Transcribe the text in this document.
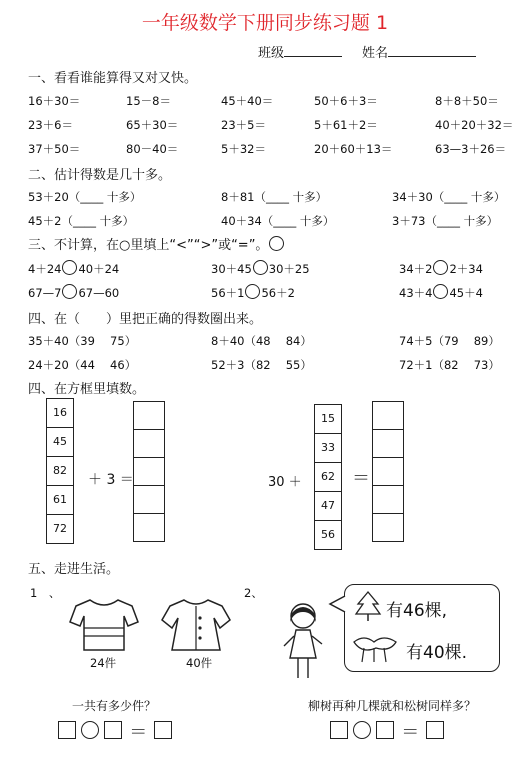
一年级数学下册同步练习题 1
班级	姓名
一、看看谁能算得又对又快。
二、估计得数是几十多。
三、不计算，在○里填上“<”“>”或“=”。
四、在（　　）里把正确的得数圈出来。
四、在方框里填数。
16
45
82
61
72
＋ 3 ＝	30 ＋
15
33
62
47
56
＝
五、走进生活。
1　、	2、
24件	40件
有46棵,
有40棵.
一共有多少件？	柳树再种几棵就和松树同样多？
＝	＝
16＋30＝	15－8＝	45＋40＝	50＋6＋3＝	8＋8＋50＝
23＋6＝	65＋30＝	23＋5＝	5＋61＋2＝	40＋20＋32＝
37＋50＝	80－40＝	5＋32＝	20＋60＋13＝	63—3＋26＝
53＋20（____ 十多）	8＋81（____ 十多）	34＋30（____ 十多）
45＋2（____ 十多）	40＋34（____ 十多）	3＋73（____ 十多）
4＋24 40＋24	30＋45 30＋25	34＋2 2＋34
67—7 67—60	56＋1 56＋2	43＋4 45＋4
35＋40（39　 75）	8＋40（48　 84）	74＋5（79　 89）
24＋20（44　 46）	52＋3（82　 55）	72＋1（82　 73）
